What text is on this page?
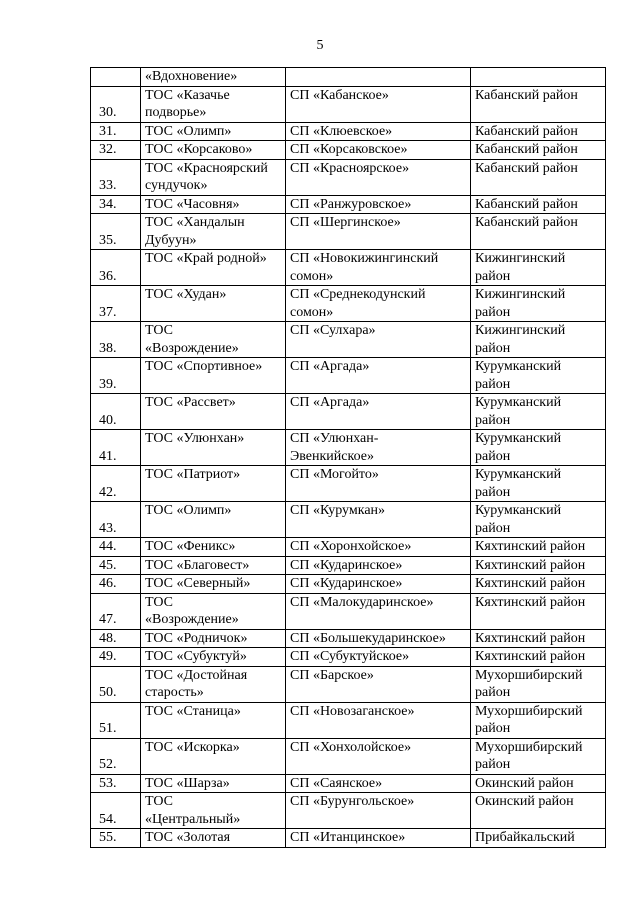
5
	«Вдохновение»		
30.	ТОС «Казачье
подворье»	СП «Кабанское»	Кабанский район
31.	ТОС «Олимп»	СП «Клюевское»	Кабанский район
32.	ТОС «Корсаково»	СП «Корсаковское»	Кабанский район
33.	ТОС «Красноярский
сундучок»	СП «Красноярское»	Кабанский район
34.	ТОС «Часовня»	СП «Ранжуровское»	Кабанский район
35.	ТОС «Хандалын
Дубуун»	СП «Шергинское»	Кабанский район
36.	ТОС «Край родной»	СП «Новокижингинский
сомон»	Кижингинский
район
37.	ТОС «Худан»	СП «Среднекодунский
сомон»	Кижингинский
район
38.	ТОС
«Возрождение»	СП «Сулхара»	Кижингинский
район
39.	ТОС «Спортивное»	СП «Аргада»	Курумканский
район
40.	ТОС «Рассвет»	СП «Аргада»	Курумканский
район
41.	ТОС «Улюнхан»	СП «Улюнхан-
Эвенкийское»	Курумканский
район
42.	ТОС «Патриот»	СП «Могойто»	Курумканский
район
43.	ТОС «Олимп»	СП «Курумкан»	Курумканский
район
44.	ТОС «Феникс»	СП «Хоронхойское»	Кяхтинский район
45.	ТОС «Благовест»	СП «Кударинское»	Кяхтинский район
46.	ТОС «Северный»	СП «Кударинское»	Кяхтинский район
47.	ТОС
«Возрождение»	СП «Малокударинское»	Кяхтинский район
48.	ТОС «Родничок»	СП «Большекударинское»	Кяхтинский район
49.	ТОС «Субуктуй»	СП «Субуктуйское»	Кяхтинский район
50.	ТОС «Достойная
старость»	СП «Барское»	Мухоршибирский
район
51.	ТОС «Станица»	СП «Новозаганское»	Мухоршибирский
район
52.	ТОС «Искорка»	СП «Хонхолойское»	Мухоршибирский
район
53.	ТОС «Шарза»	СП «Саянское»	Окинский район
54.	ТОС
«Центральный»	СП «Бурунгольское»	Окинский район
55.	ТОС «Золотая	СП «Итанцинское»	Прибайкальский
